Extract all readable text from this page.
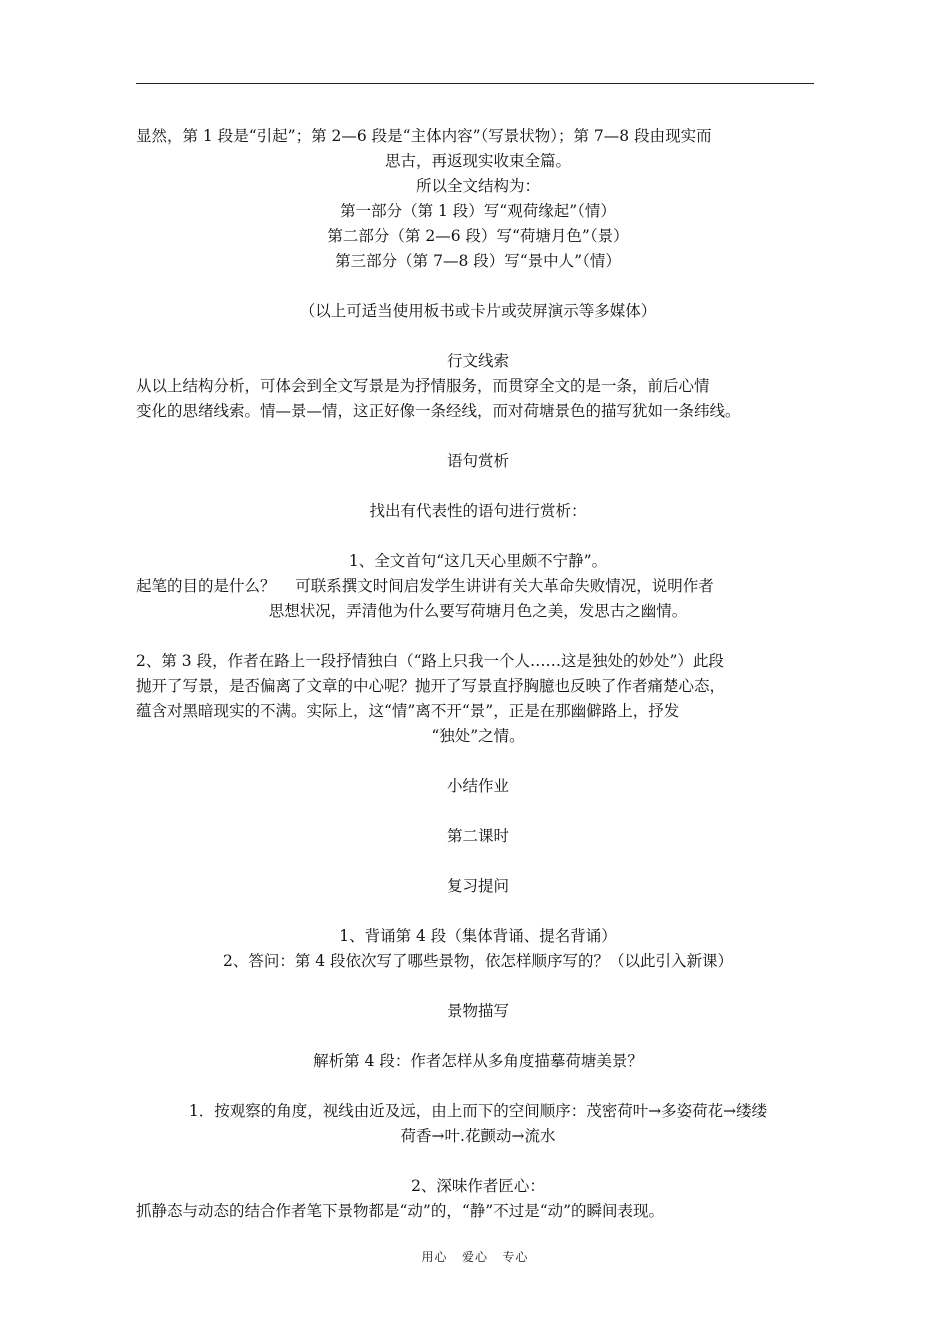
显然，第 1 段是“引起”；第 2—6 段是“主体内容”（写景状物）；第 7—8 段由现实而
思古，再返现实收束全篇。
所以全文结构为：
第一部分（第 1 段）写“观荷缘起”（情）
第二部分（第 2—6 段）写“荷塘月色”（景）
第三部分（第 7—8 段）写“景中人”（情）
（以上可适当使用板书或卡片或荧屏演示等多媒体）
行文线索
从以上结构分析，可体会到全文写景是为抒情服务，而贯穿全文的是一条，前后心情
变化的思绪线索。情—景—情，这正好像一条经线，而对荷塘景色的描写犹如一条纬线。
语句赏析
找出有代表性的语句进行赏析：
1、全文首句“这几天心里颇不宁静”。
起笔的目的是什么？    可联系撰文时间启发学生讲讲有关大革命失败情况，说明作者
思想状况，弄清他为什么要写荷塘月色之美，发思古之幽情。
2、第 3 段，作者在路上一段抒情独白（“路上只我一个人……这是独处的妙处”）此段
抛开了写景，是否偏离了文章的中心呢？抛开了写景直抒胸臆也反映了作者痛楚心态，
蕴含对黑暗现实的不满。实际上，这“情”离不开“景”，正是在那幽僻路上，抒发
“独处”之情。
小结作业
第二课时
复习提问
1、背诵第 4 段（集体背诵、提名背诵）
2、答问：第 4 段依次写了哪些景物，依怎样顺序写的？（以此引入新课）
景物描写
解析第 4 段：作者怎样从多角度描摹荷塘美景？
1．按观察的角度，视线由近及远，由上而下的空间顺序：茂密荷叶→多姿荷花→缕缕
荷香→叶.花颤动→流水
2、深味作者匠心：
抓静态与动态的结合作者笔下景物都是“动”的，“静”不过是“动”的瞬间表现。
用心   爱心   专心
